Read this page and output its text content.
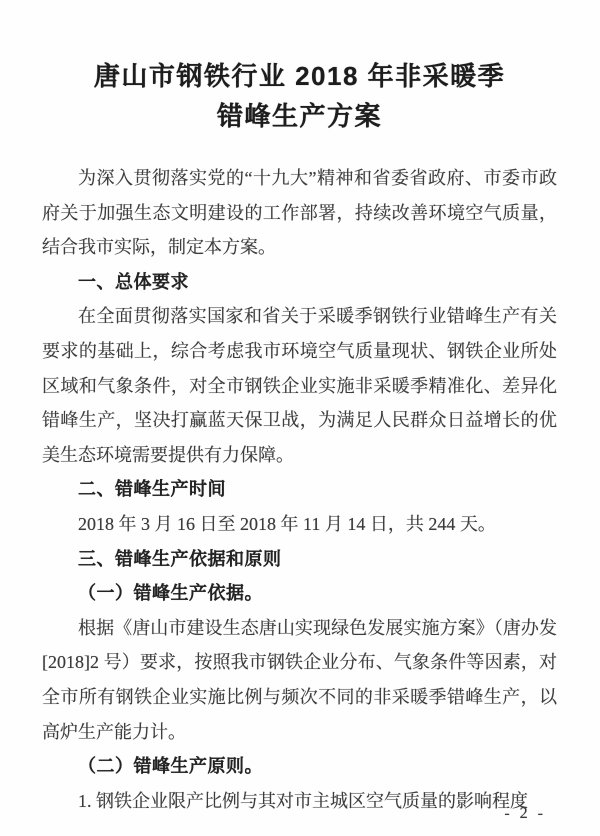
唐山市钢铁行业 2018 年非采暖季
错峰生产方案

为深入贯彻落实党的“十九大”精神和省委省政府、市委市政府关于加强生态文明建设的工作部署，持续改善环境空气质量，结合我市实际，制定本方案。

一、总体要求

在全面贯彻落实国家和省关于采暖季钢铁行业错峰生产有关要求的基础上，综合考虑我市环境空气质量现状、钢铁企业所处区域和气象条件，对全市钢铁企业实施非采暖季精准化、差异化错峰生产，坚决打赢蓝天保卫战，为满足人民群众日益增长的优美生态环境需要提供有力保障。

二、错峰生产时间

2018 年 3 月 16 日至 2018 年 11 月 14 日，共 244 天。

三、错峰生产依据和原则

（一）错峰生产依据。

根据《唐山市建设生态唐山实现绿色发展实施方案》（唐办发[2018]2 号）要求，按照我市钢铁企业分布、气象条件等因素，对全市所有钢铁企业实施比例与频次不同的非采暖季错峰生产，以高炉生产能力计。

（二）错峰生产原则。

1. 钢铁企业限产比例与其对市主城区空气质量的影响程度

- 2 -
